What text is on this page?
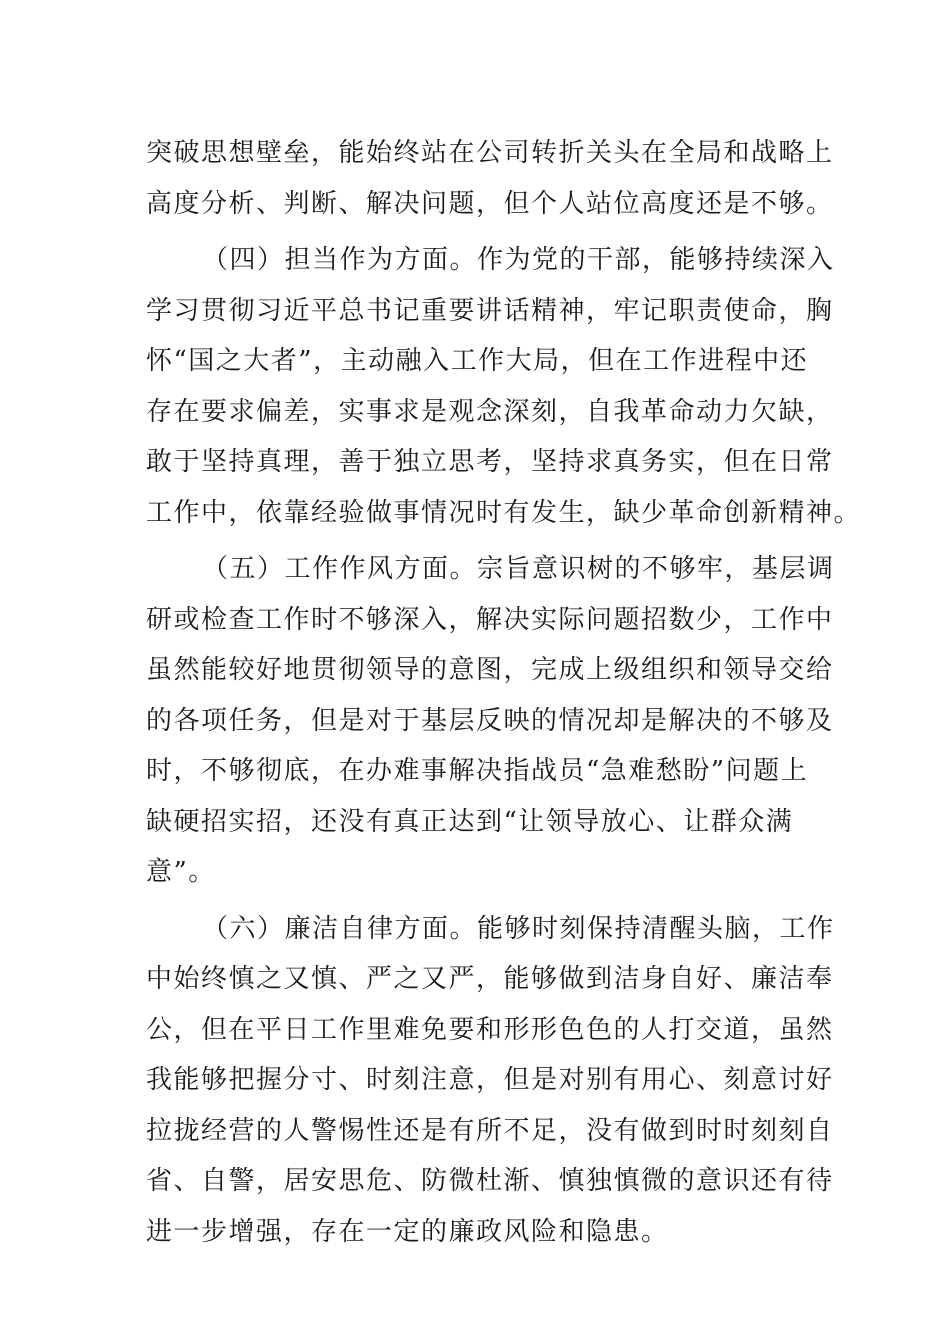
突破思想壁垒，能始终站在公司转折关头在全局和战略上
高度分析、判断、解决问题，但个人站位高度还是不够。
（四）担当作为方面。作为党的干部，能够持续深入
学习贯彻习近平总书记重要讲话精神，牢记职责使命，胸
怀“国之大者”，主动融入工作大局，但在工作进程中还
存在要求偏差，实事求是观念深刻，自我革命动力欠缺，
敢于坚持真理，善于独立思考，坚持求真务实，但在日常
工作中，依靠经验做事情况时有发生，缺少革命创新精神。
（五）工作作风方面。宗旨意识树的不够牢，基层调
研或检查工作时不够深入，解决实际问题招数少，工作中
虽然能较好地贯彻领导的意图，完成上级组织和领导交给
的各项任务，但是对于基层反映的情况却是解决的不够及
时，不够彻底，在办难事解决指战员“急难愁盼”问题上
缺硬招实招，还没有真正达到“让领导放心、让群众满
意”。
（六）廉洁自律方面。能够时刻保持清醒头脑，工作
中始终慎之又慎、严之又严，能够做到洁身自好、廉洁奉
公，但在平日工作里难免要和形形色色的人打交道，虽然
我能够把握分寸、时刻注意，但是对别有用心、刻意讨好
拉拢经营的人警惕性还是有所不足，没有做到时时刻刻自
省、自警，居安思危、防微杜渐、慎独慎微的意识还有待
进一步增强，存在一定的廉政风险和隐患。
